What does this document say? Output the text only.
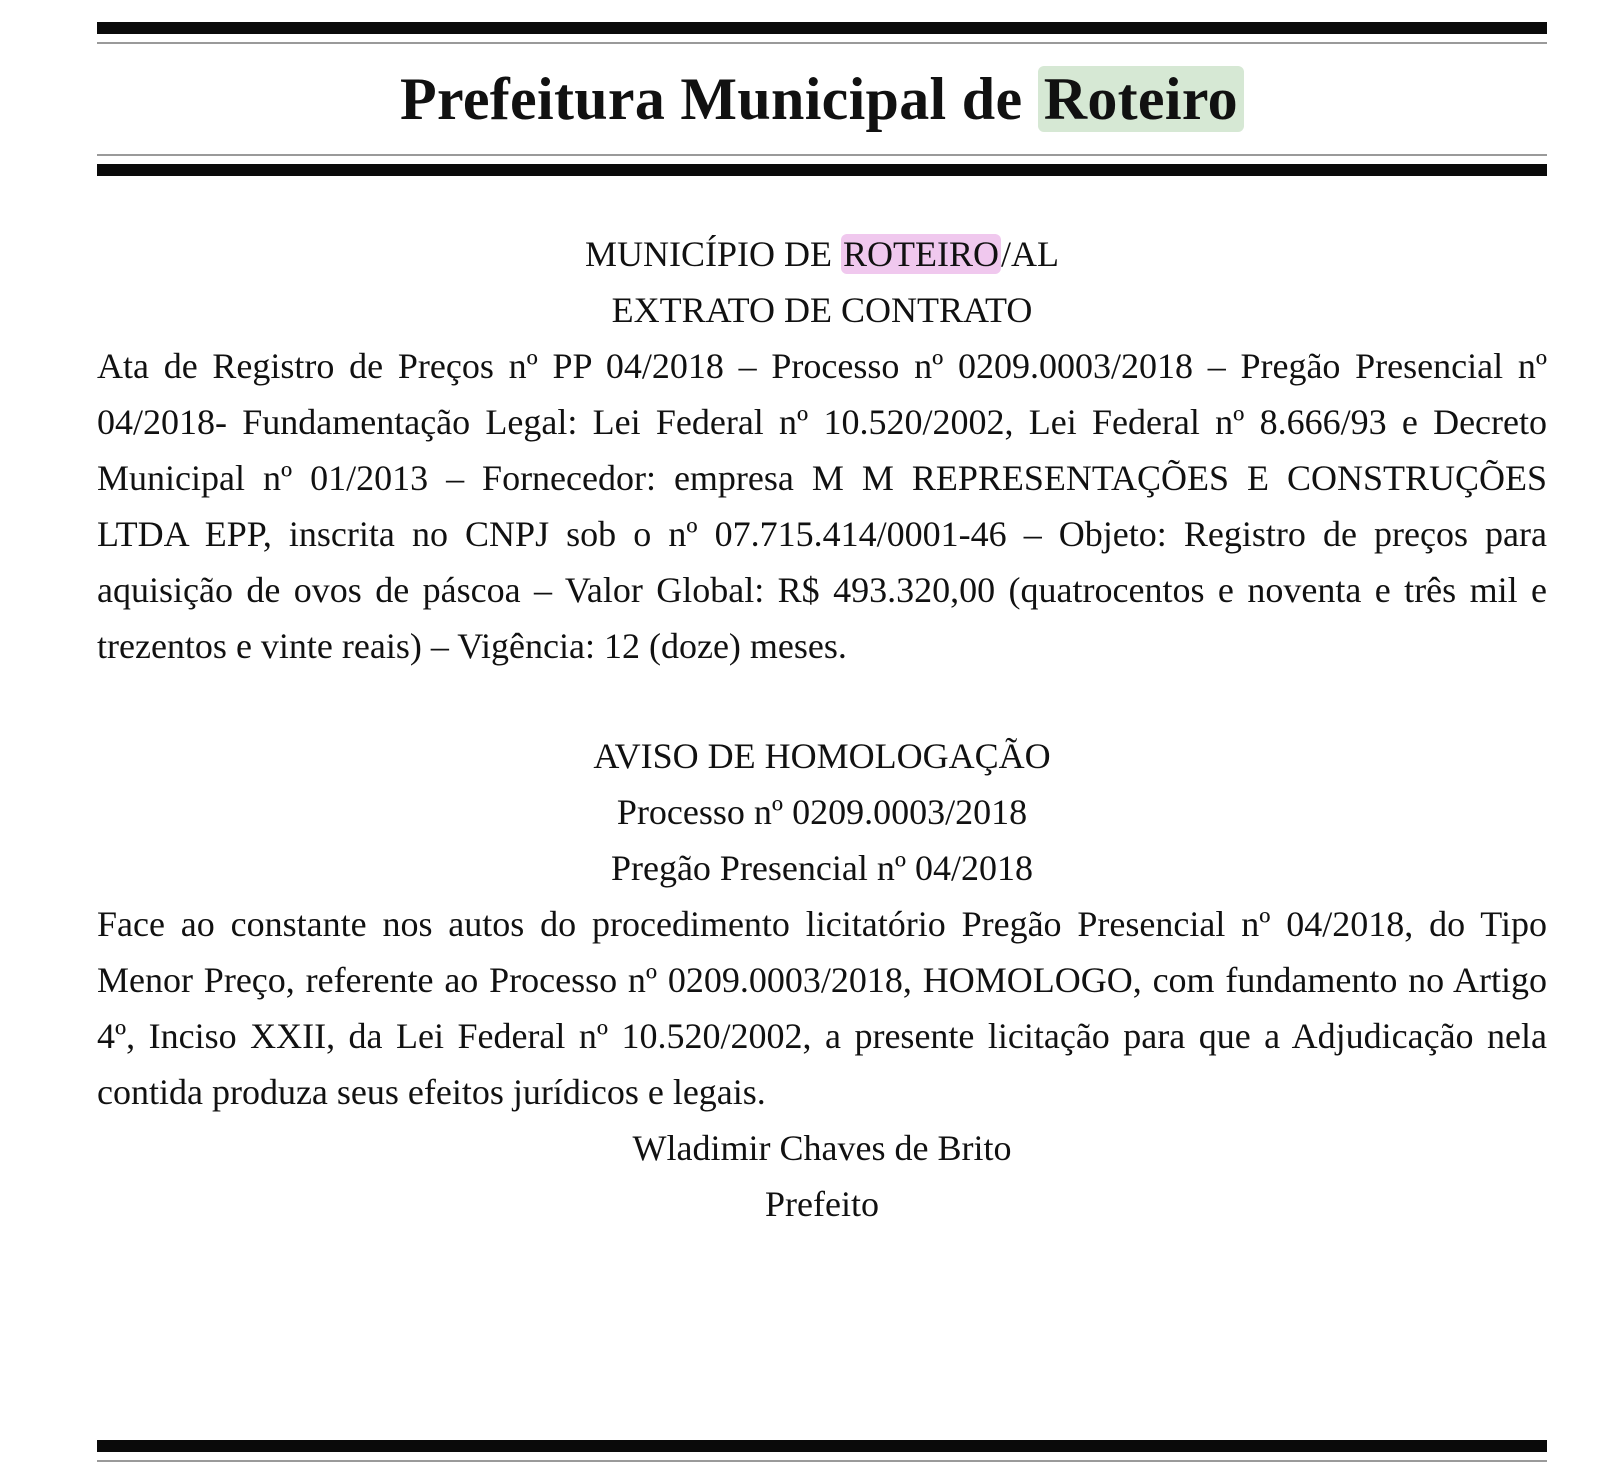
Prefeitura Municipal de Roteiro
MUNICÍPIO DE ROTEIRO/AL
EXTRATO DE CONTRATO
Ata de Registro de Preços nº PP 04/2018 – Processo nº 0209.0003/2018 – Pregão Presencial nº 04/2018- Fundamentação Legal: Lei Federal nº 10.520/2002, Lei Federal nº 8.666/93 e Decreto Municipal nº 01/2013 – Fornecedor: empresa M M REPRESENTAÇÕES E CONSTRUÇÕES LTDA EPP, inscrita no CNPJ sob o nº 07.715.414/0001-46 – Objeto: Registro de preços para aquisição de ovos de páscoa – Valor Global: R$ 493.320,00 (quatrocentos e noventa e três mil e trezentos e vinte reais) – Vigência: 12 (doze) meses.
AVISO DE HOMOLOGAÇÃO
Processo nº 0209.0003/2018
Pregão Presencial nº 04/2018
Face ao constante nos autos do procedimento licitatório Pregão Presencial nº 04/2018, do Tipo Menor Preço, referente ao Processo nº 0209.0003/2018, HOMOLOGO, com fundamento no Artigo 4º, Inciso XXII, da Lei Federal nº 10.520/2002, a presente licitação para que a Adjudicação nela contida produza seus efeitos jurídicos e legais.
Wladimir Chaves de Brito
Prefeito
